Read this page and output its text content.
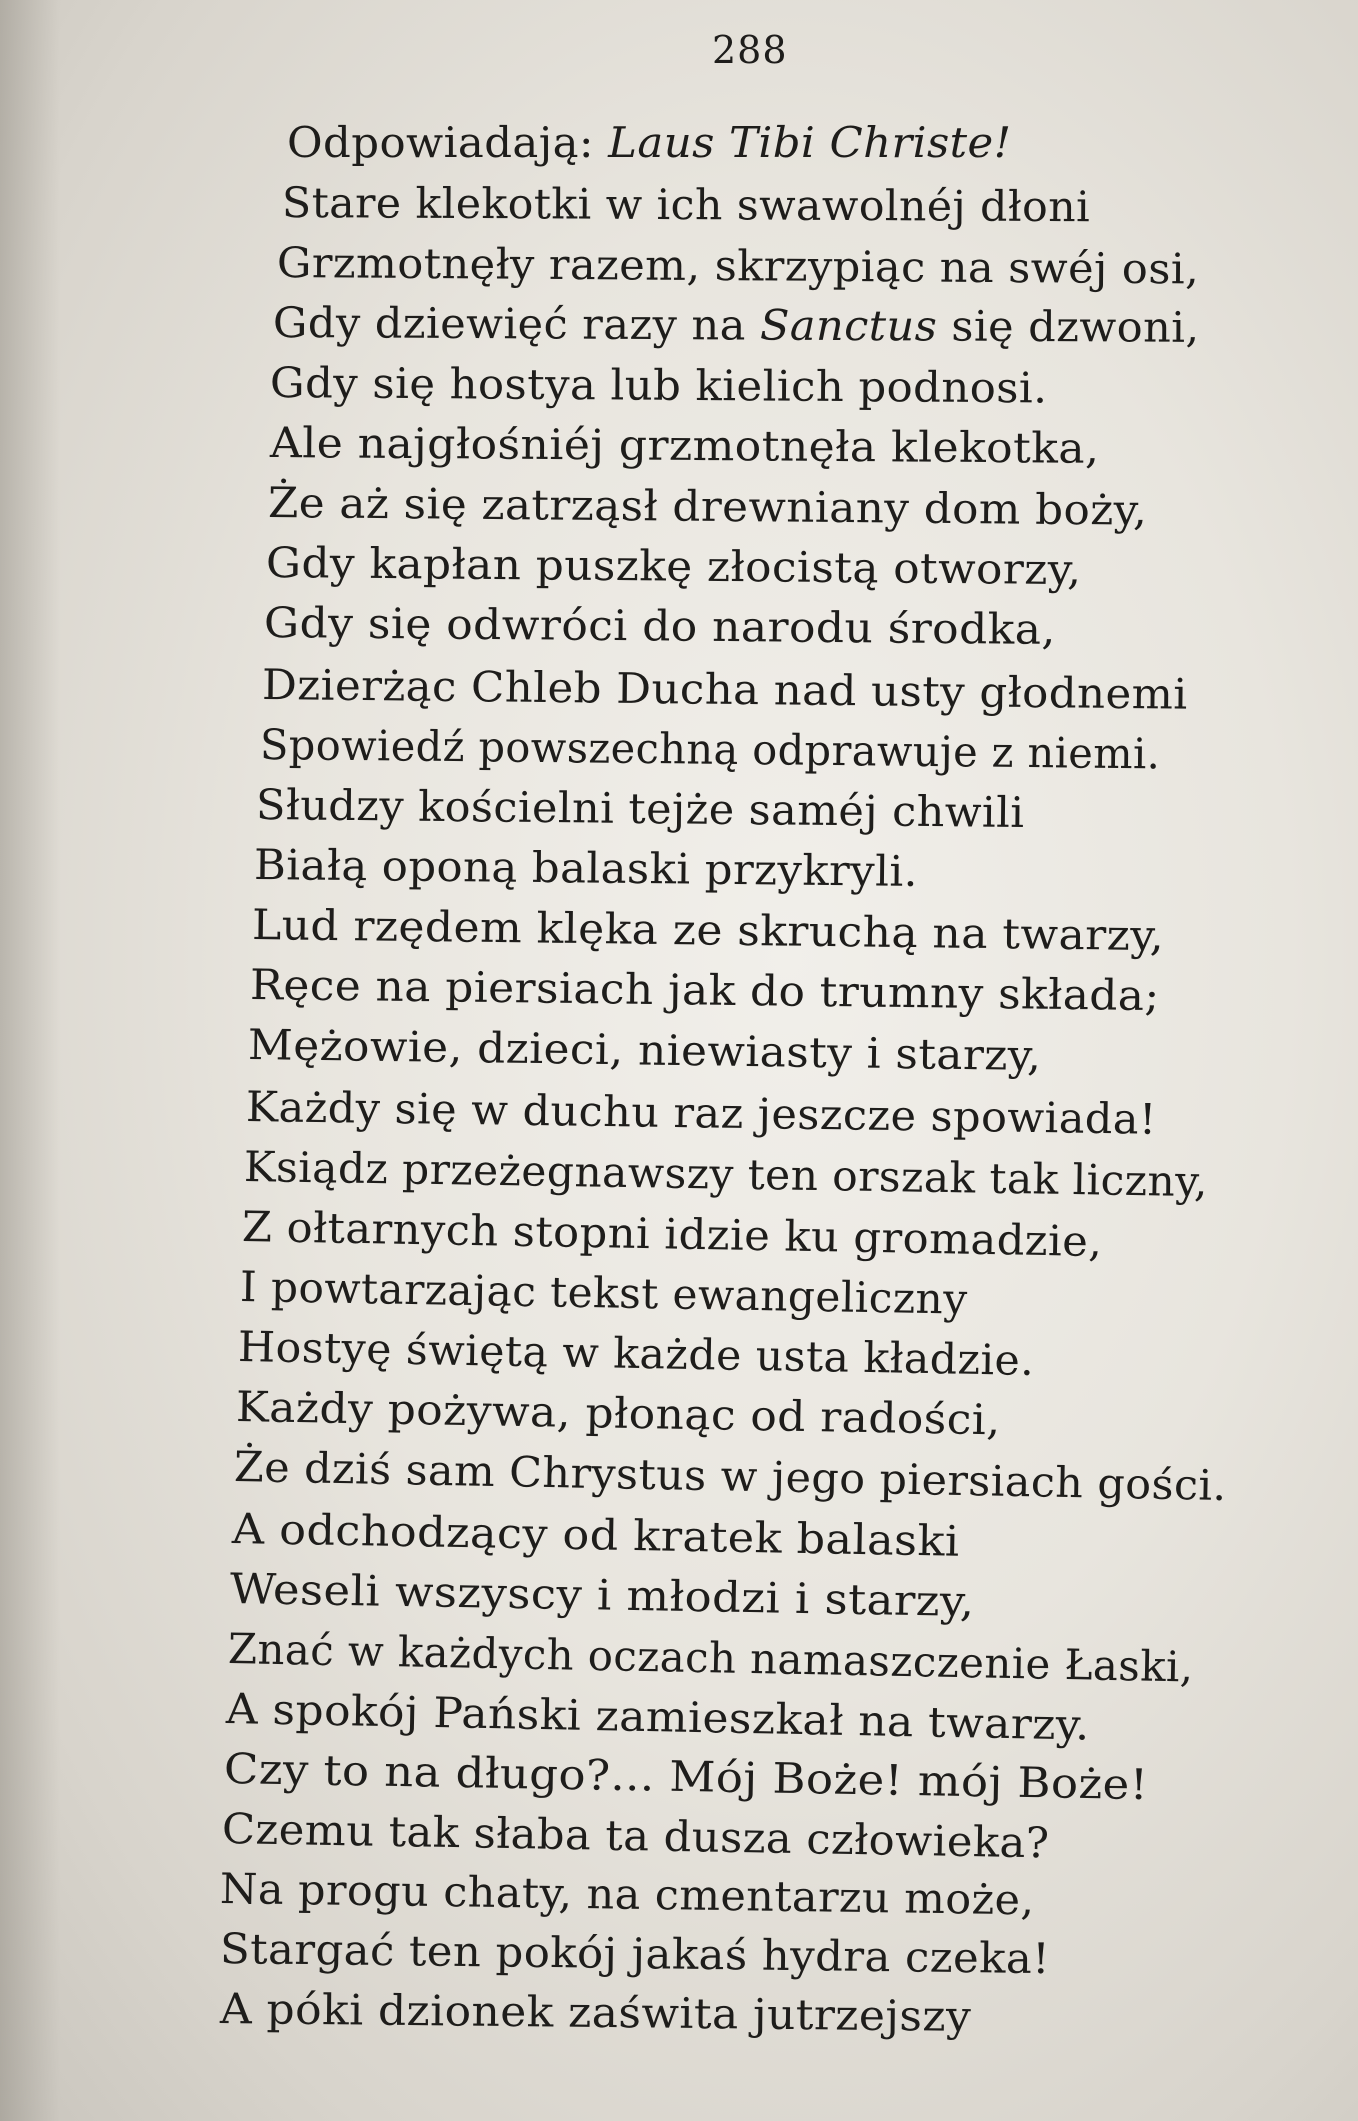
288
Odpowiadają: Laus Tibi Christe!
Stare klekotki w ich swawolnéj dłoni
Grzmotnęły razem, skrzypiąc na swéj osi,
Gdy dziewięć razy na Sanctus się dzwoni,
Gdy się hostya lub kielich podnosi.
Ale najgłośniéj grzmotnęła klekotka,
Że aż się zatrząsł drewniany dom boży,
Gdy kapłan puszkę złocistą otworzy,
Gdy się odwróci do narodu środka,
Dzierżąc Chleb Ducha nad usty głodnemi
Spowiedź powszechną odprawuje z niemi.
Słudzy kościelni tejże saméj chwili
Białą oponą balaski przykryli.
Lud rzędem klęka ze skruchą na twarzy,
Ręce na piersiach jak do trumny składa;
Mężowie, dzieci, niewiasty i starzy,
Każdy się w duchu raz jeszcze spowiada!
Ksiądz przeżegnawszy ten orszak tak liczny,
Z ołtarnych stopni idzie ku gromadzie,
I powtarzając tekst ewangeliczny
Hostyę świętą w każde usta kładzie.
Każdy pożywa, płonąc od radości,
Że dziś sam Chrystus w jego piersiach gości.
A odchodzący od kratek balaski
Weseli wszyscy i młodzi i starzy,
Znać w każdych oczach namaszczenie Łaski,
A spokój Pański zamieszkał na twarzy.
Czy to na długo?... Mój Boże! mój Boże!
Czemu tak słaba ta dusza człowieka?
Na progu chaty, na cmentarzu może,
Stargać ten pokój jakaś hydra czeka!
A póki dzionek zaświta jutrzejszy
